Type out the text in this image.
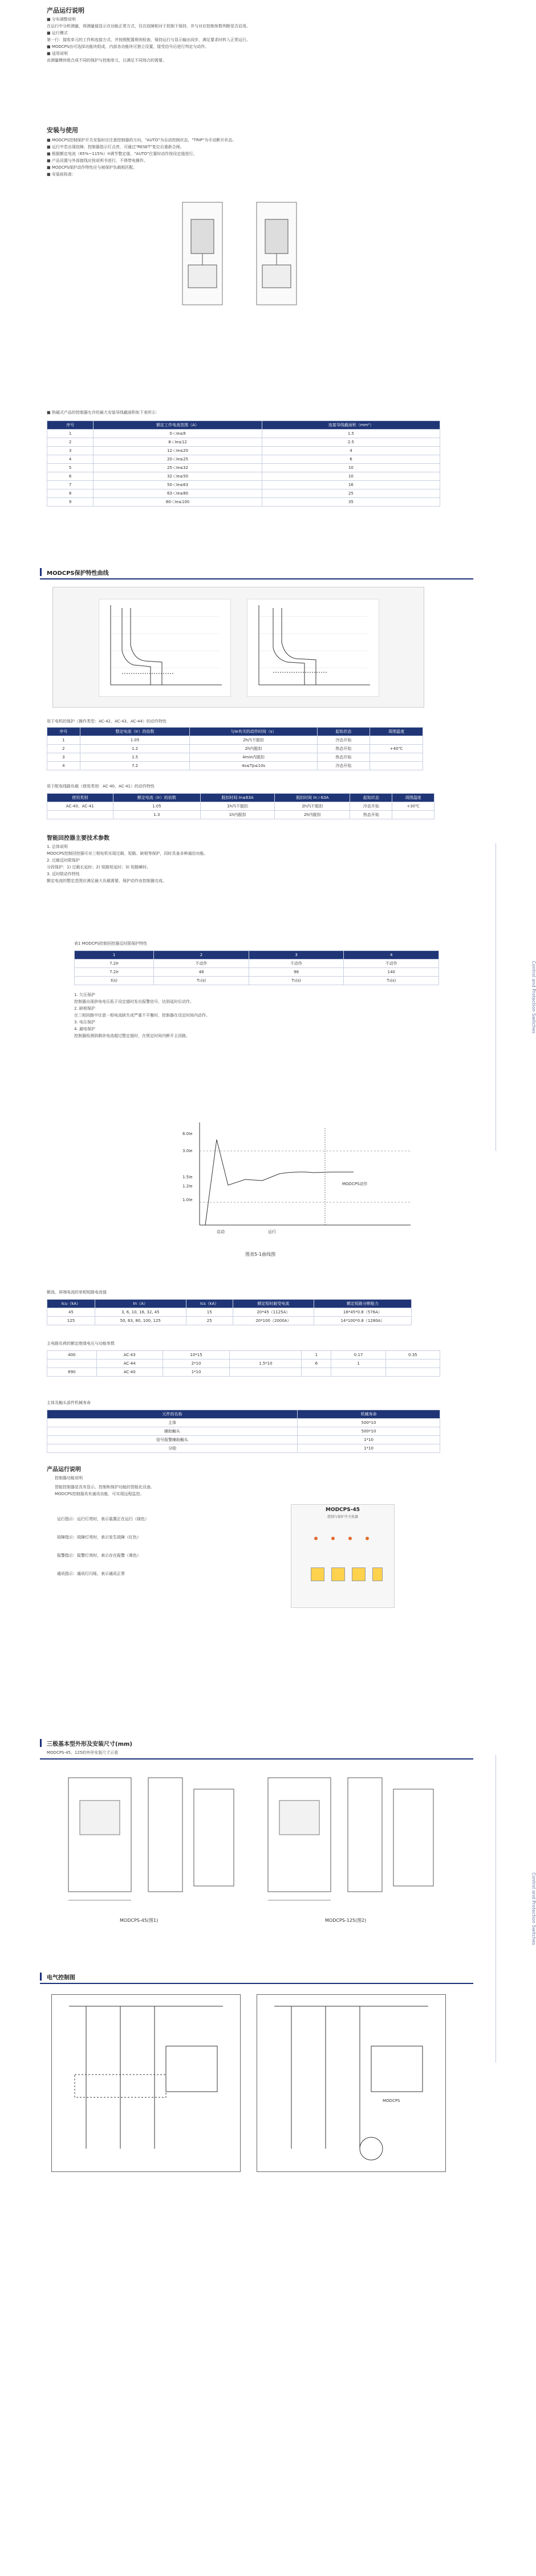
产品运行说明
■ 分布调整说明
在运行中分析测量，将测量值显示在功能正常方式，仅在故障相对于控制下保持，并与对应控制参数判断是否启用。
■ 运行模式
第一行：接收单元的工作和连接方式，并按照配置规则检查，保持运行与显示输出同步，满足要求时转入正常运行。
■ MODCPS由可选择功能块组成，内部各功能块可独立设置，接受信号后进行判定与动作。
■ 适用说明
由测量模块组合成不同的保护与控制单元，以满足不同场合的需要。
安装与使用
■ MODCPS控制保护开关安装时应注意控制器的方向，"AUTO"为自动控制状态，"TRIP"为手动断开状态。
■ 运行中若出现故障，控制器指示灯点亮，可通过"RESET"复位后重新合闸。
■ 根据额定电流（65%~115%）Ir调节整定值，"AUTO"位置时动作按设定值进行。
■ 产品设置与外部接线应按说明书进行，不得带电操作。
■ MODCPS保护动作特性应与被保护负载相匹配。
■ 安装前检查：
■ 热磁式产品的控制器允许的最大安装导线截面积如下表所示：
序号	额定工作电流范围（A）	连接导线截面积（mm²）
1	0＜Ie≤8	1.5
2	8＜Ie≤12	2.5
3	12＜Ie≤20	4
4	20＜Ie≤25	6
5	25＜Ie≤32	10
6	32＜Ie≤50	10
7	50＜Ie≤63	16
8	63＜Ie≤80	25
9	80＜Ie≤100	35
MODCPS保护特性曲线
用于电机的保护（操作类型：AC-42、AC-43、AC-44）的动作特性
序号	整定电流（Ir）的倍数	与Ie有关的动作时间（s）	起始状态	周围温度
1	1.05	2h内不脱扣	冷态开始	
2	1.2	2h内脱扣	热态开始	+40℃
3	1.5	4min内脱扣	热态开始	
4	7.2	4s≤Tp≤10s	冷态开始	
用于配电线路负载（使用类别：AC-40、AC-41）的动作特性
使用类别	额定电流（Ir）的倍数	脱扣时间 In≤63A	脱扣时间 In＞63A	起始状态	周围温度
AC-40、AC-41	1.05	1h内不脱扣	2h内不脱扣	冷态开始	+30℃
	1.3	1h内脱扣	2h内脱扣	热态开始	
智能回控器主要技术参数
1. 总体说明
MODCPS控制回控器可对三相电机实现过载、短路、缺相等保护，同时具备多种通信功能。
2. 过载反时限保护
分段保护：1) 过载长延时；2) 短路短延时；3) 短路瞬时。
3. 反时限动作特性
额定电流的整定范围应满足最大负载需要，保护动作由控制器完成。
表1 MODCPS控制回控器反时限保护特性
1	2	3	4
7.2Ir	不动作	不动作	不动作
7.2Ir	48	96	140
t(s)	T₁(s)	T₂(s)	T₃(s)
1. 欠压保护
控制器出现供电电压低于设定值时发出报警信号，达到延时后动作。
2. 缺相保护
在三相回路中任意一相电流缺失或严重不平衡时，控制器在设定时间内动作。
3. 电压保护
4. 漏电保护
控制器检测到剩余电流超过整定值时，在规定时间内断开主回路。
6.0Ie
3.0Ie
1.5Ie
1.2Ie
1.0Ie
启动	运行
MODCPS动作
图表5-1曲线图
Control and Protection Switches
额流、屏端电流的单相短路电流值
Icu（kA）	In（A）	Ics（kA）	额定短时耐受电流	额定短路分断能力
45	3, 6, 10, 16, 32, 45	15	20*45（1125A）	16*45*0.8（576A）
125	50, 63, 80, 100, 125	25	20*100（2000A）	14*100*0.8（1280A）
主电路负荷的额定绝缘电压与功能参数
400	AC-43	10*15		1	0.17	0.35
	AC-44	2*10	1.5*10	6	1	
690	AC-40	1*10				
主体及触头部件机械寿命
元件的名称	机械寿命
主体	500*10
辅助触头	500*10
信号报警辅助触头	1*10
分励	1*10
产品运行说明
控制器功能说明
智能控制器是具有显示、控制和保护功能的智能化设备。
MODCPS控制器具有通讯功能，可实现远程监控。
运行指示：运行灯亮时，表示装置正在运行（绿色）
故障指示：故障灯亮时，表示发生故障（红色）
报警指示：报警灯亮时，表示存在报警（黄色）
通讯指示：通讯灯闪烁，表示通讯正常
MODCPS-45
控制与保护开关电器
三极基本型外形及安装尺寸(mm)
MODCPS-45、125的外形安装尺寸示意
MODCPS-45(图1)	MODCPS-125(图2)	Control and Protection Switches
电气控制图
MODCPS
